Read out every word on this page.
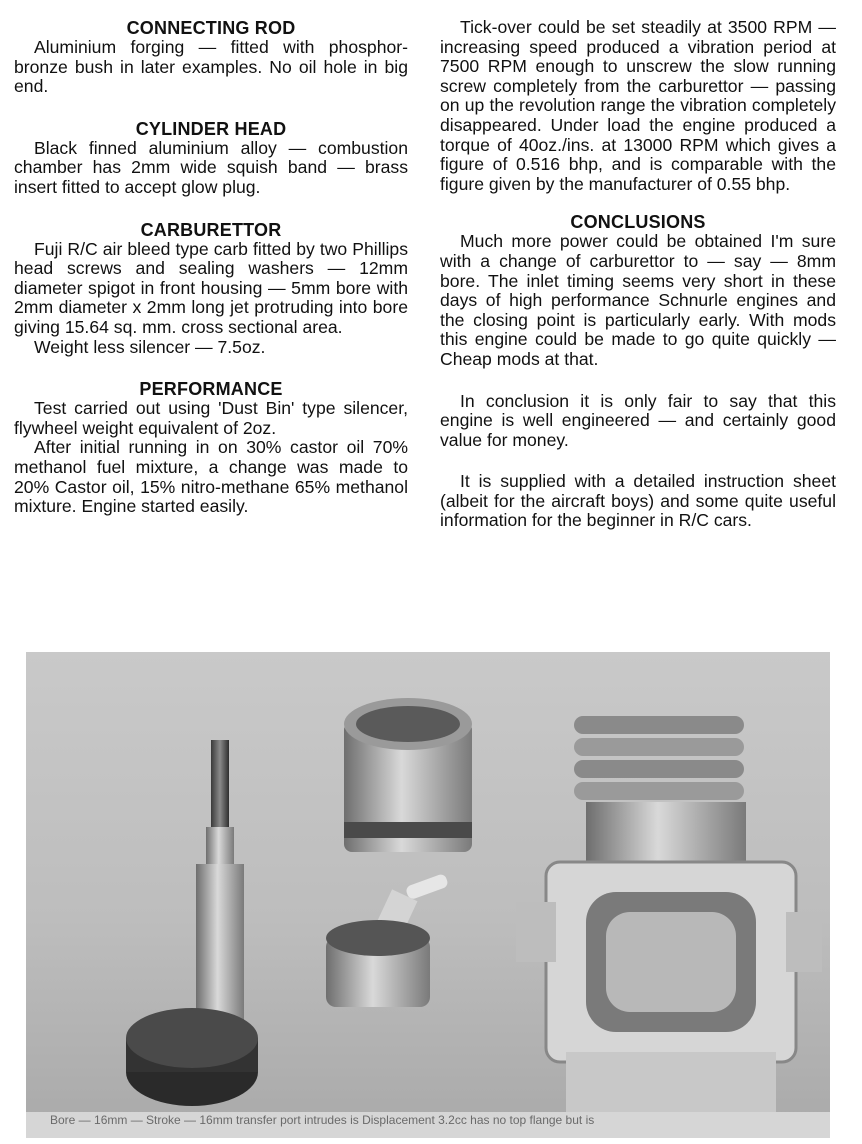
CONNECTING ROD

Aluminium forging — fitted with phosphor-bronze bush in later examples. No oil hole in big end.

CYLINDER HEAD

Black finned aluminium alloy — combustion chamber has 2mm wide squish band — brass insert fitted to accept glow plug.

CARBURETTOR

Fuji R/C air bleed type carb fitted by two Phillips head screws and sealing washers — 12mm diameter spigot in front housing — 5mm bore with 2mm diameter x 2mm long jet protruding into bore giving 15.64 sq. mm. cross sectional area.

Weight less silencer — 7.5oz.

PERFORMANCE

Test carried out using 'Dust Bin' type silencer, flywheel weight equivalent of 2oz.

After initial running in on 30% castor oil 70% methanol fuel mixture, a change was made to 20% Castor oil, 15% nitro-methane 65% methanol mixture. Engine started easily.

Tick-over could be set steadily at 3500 RPM — increasing speed produced a vibration period at 7500 RPM enough to unscrew the slow running screw completely from the carburettor — passing on up the revolution range the vibration completely disappeared. Under load the engine produced a torque of 40oz./ins. at 13000 RPM which gives a figure of 0.516 bhp, and is comparable with the figure given by the manufacturer of 0.55 bhp.

CONCLUSIONS

Much more power could be obtained I'm sure with a change of carburettor to — say — 8mm bore. The inlet timing seems very short in these days of high performance Schnurle engines and the closing point is particularly early. With mods this engine could be made to go quite quickly — Cheap mods at that.

In conclusion it is only fair to say that this engine is well engineered — and certainly good value for money.

It is supplied with a detailed instruction sheet (albeit for the aircraft boys) and some quite useful information for the beginner in R/C cars.

Bore — 16mm — Stroke — 16mm transfer port intrudes is Displacement 3.2cc has no top flange but is
